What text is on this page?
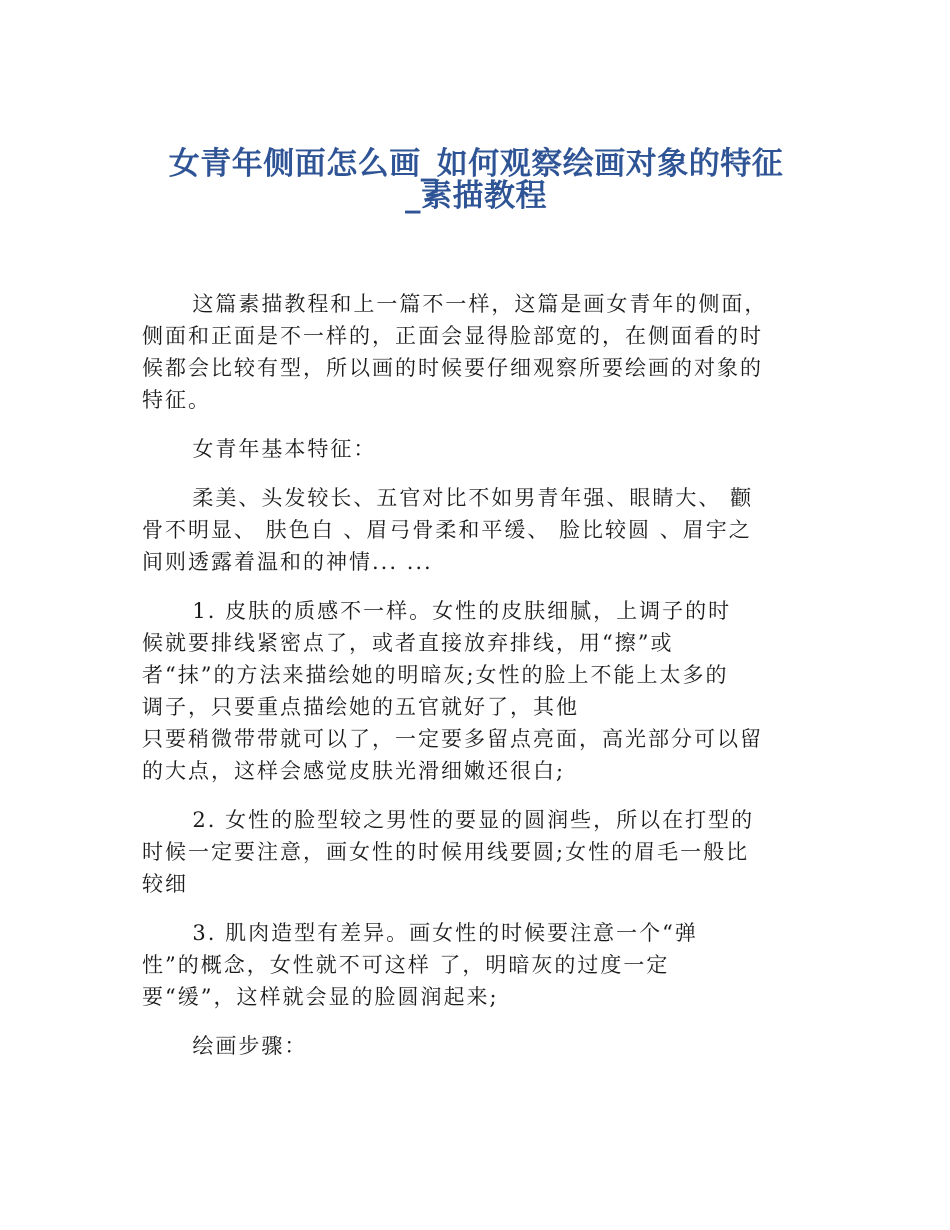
女青年侧面怎么画_如何观察绘画对象的特征
_素描教程
这篇素描教程和上一篇不一样，这篇是画女青年的侧面，
侧面和正面是不一样的，正面会显得脸部宽的，在侧面看的时
候都会比较有型，所以画的时候要仔细观察所要绘画的对象的
特征。
女青年基本特征：
柔美、头发较长、五官对比不如男青年强、眼睛大、 颧
骨不明显、 肤色白 、眉弓骨柔和平缓、 脸比较圆 、眉宇之
间则透露着温和的神情... ...
1. 皮肤的质感不一样。女性的皮肤细腻，上调子的时
候就要排线紧密点了，或者直接放弃排线，用“擦”或
者“抹”的方法来描绘她的明暗灰;女性的脸上不能上太多的
调子，只要重点描绘她的五官就好了，其他
只要稍微带带就可以了，一定要多留点亮面，高光部分可以留
的大点，这样会感觉皮肤光滑细嫩还很白;
2. 女性的脸型较之男性的要显的圆润些，所以在打型的
时候一定要注意，画女性的时候用线要圆;女性的眉毛一般比
较细
3. 肌肉造型有差异。画女性的时候要注意一个“弹
性”的概念，女性就不可这样 了，明暗灰的过度一定
要“缓”，这样就会显的脸圆润起来;
绘画步骤：
